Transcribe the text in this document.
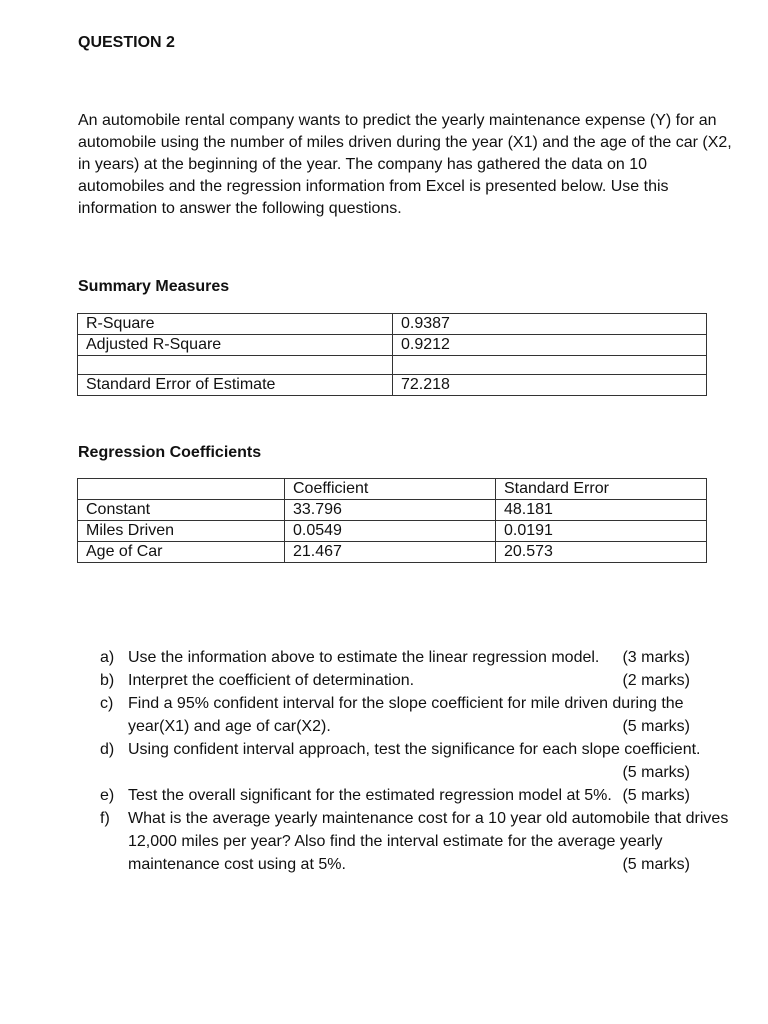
QUESTION 2
An automobile rental company wants to predict the yearly maintenance expense (Y) for an
automobile using the number of miles driven during the year (X1) and the age of the car (X2,
in years) at the beginning of the year. The company has gathered the data on 10
automobiles and the regression information from Excel is presented below. Use this
information to answer the following questions.
Summary Measures
R-Square	0.9387
Adjusted R-Square	0.9212

Standard Error of Estimate	72.218
Regression Coefficients
	Coefficient	Standard Error
Constant	33.796	48.181
Miles Driven	0.0549	0.0191
Age of Car	21.467	20.573
a) Use the information above to estimate the linear regression model. (3 marks)
b) Interpret the coefficient of determination.	(2 marks)
c) Find a 95% confident interval for the slope coefficient for mile driven during the
year(X1) and age of car(X2).	(5 marks)
d) Using confident interval approach, test the significance for each slope coefficient.
(5 marks)
e) Test the overall significant for the estimated regression model at 5%. (5 marks)
f) What is the average yearly maintenance cost for a 10 year old automobile that drives
12,000 miles per year? Also find the interval estimate for the average yearly
maintenance cost using at 5%.	(5 marks)
